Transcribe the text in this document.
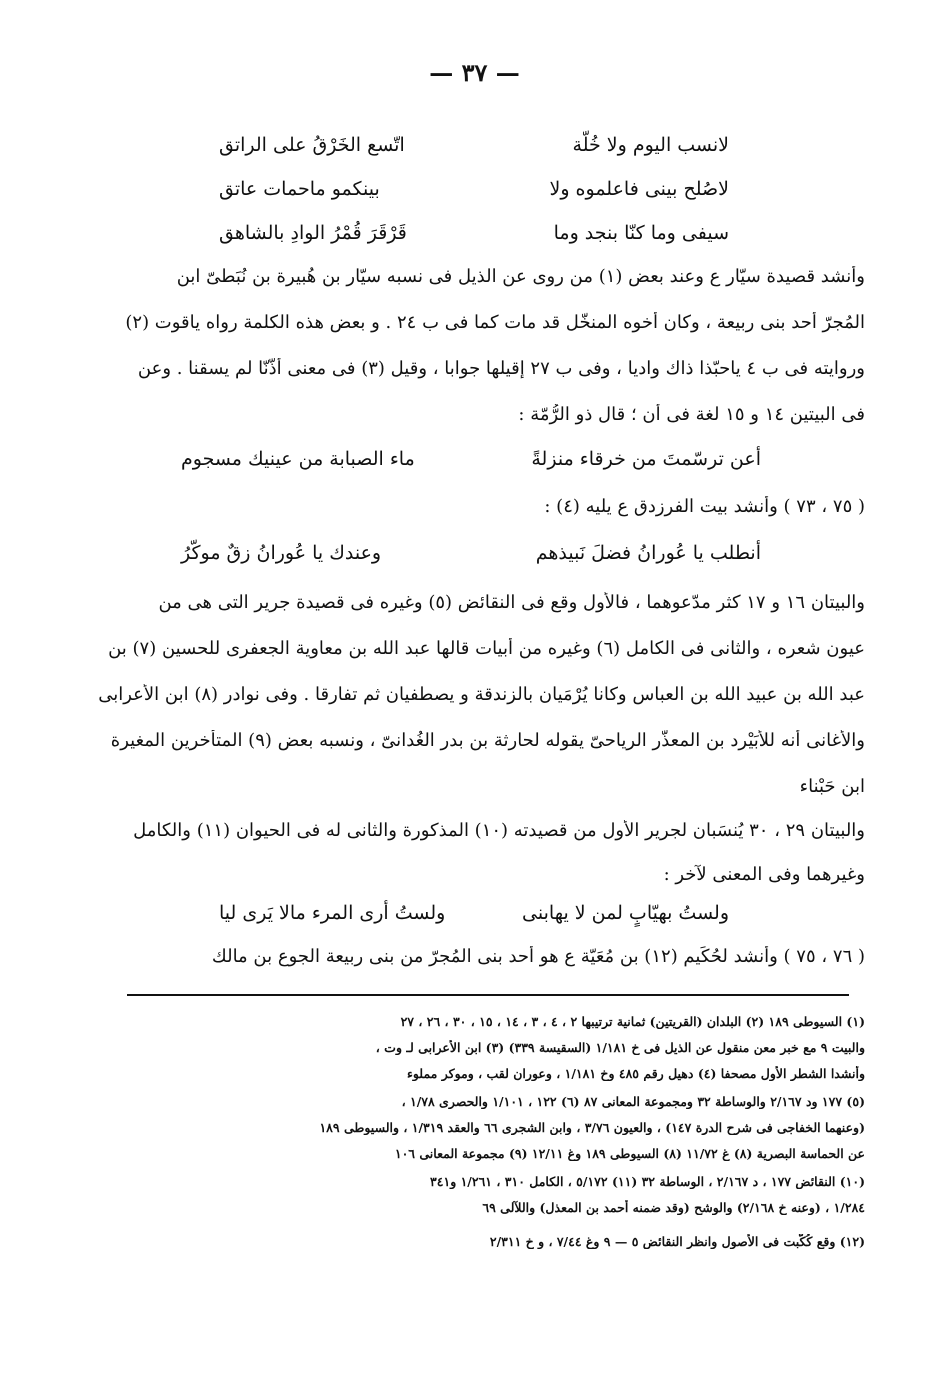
— ٣٧ —
لانسب اليوم ولا خُلّة
اتّسع الخَرْقُ على الراتق
لاصُلح بينى فاعلموه ولا
بينكمو ماحمات عاتق
سيفى وما كنّا بنجد وما
قَرْقَرَ قُمْرُ الوادِ بالشاهق
وأنشد قصيدة سيّار ع وعند بعض (١) من روى عن الذيل فى نسبه سيّار بن هُبيرة بن نُبَطىّ ابن
المُجرّ أحد بنى ربيعة ، وكان أخوه المنخّل قد مات كما فى ب ٢٤ . و بعض هذه الكلمة رواه ياقوت (٢)
وروايته فى ب ٤ ياحبّذا ذاك واديا ، وفى ب ٢٧ إقيلها جوابا ، وقيل (٣) فى معنى أُذّنّا لم يسقنا . وعن
فى البيتين ١٤ و ١٥ لغة فى أن ؛ قال ذو الرُّمّة :
أعن ترسّمتَ من خرقاء منزلةً
ماء الصبابة من عينيك مسجوم
( ٧٥ ، ٧٣ ) وأنشد بيت الفرزدق ع يليه (٤) :
أنطلب يا عُورانُ فضلَ نَبيذهم
وعندك يا عُورانُ زقٌ موكّرُ
والبيتان ١٦ و ١٧ كثر مدّعوهما ، فالأول وقع فى النقائض (٥) وغيره فى قصيدة جرير التى هى من
عيون شعره ، والثانى فى الكامل (٦) وغيره من أبيات قالها عبد الله بن معاوية الجعفرى للحسين (٧) بن
عبد الله بن عبيد الله بن العباس وكانا يُرْمَيان بالزندقة و يصطفيان ثم تفارقا . وفى نوادر (٨) ابن الأعرابى
والأغانى أنه للأُبَيْرِد بن المعذّر الرياحىّ يقوله لحارثة بن بدر الغُدانىّ ، ونسبه بعض (٩) المتأخرين المغيرة
ابن حَبْناء
والبيتان ٢٩ ، ٣٠ يُنسَبان لجرير الأول من قصيدته (١٠) المذكورة والثانى له فى الحيوان (١١) والكامل
وغيرهما وفى المعنى لآخر :
ولستُ بهيّابٍ لمن لا يهابنى
ولستُ أرى المرء مالا يَرى ليا
( ٧٦ ، ٧٥ ) وأنشد لحُكَيم (١٢) بن مُعَيّة ع هو أحد بنى المُجرّ من بنى ربيعة الجوع بن مالك
(١) السيوطى ١٨٩ (٢) البلدان (القريتين) ثمانية ترتيبها ٢ ، ٤ ، ٣ ، ١٤ ، ١٥ ، ٣٠ ، ٢٦ ، ٢٧
والبيت ٩ مع خبر معن منقول عن الذيل فى خ ١/١٨١ (السقيسة ٣٣٩) (٣) ابن الأعرابى لـ وت ،
وأنشدا الشطر الأول مصحفا (٤) دهيل رقم ٤٨٥ وخ ١/١٨١ ، وعوران لقب ، وموكر مملوء
(٥) ١٧٧ ود ٢/١٦٧ والوساطة ٣٢ ومجموعة المعانى ٨٧ (٦) ١٢٢ ، ١/١٠١ والحصرى ١/٧٨ ،
(وعنهما الخفاجى فى شرح الدرة ١٤٧) ، والعيون ٣/٧٦ ، وابن الشجرى ٦٦ والعقد ١/٣١٩ ، والسيوطى ١٨٩
عن الحماسة البصرية (٨) غ ١١/٧٢ (٨) السيوطى ١٨٩ وغ ١٢/١١ (٩) مجموعة المعانى ١٠٦
(١٠) النقائض ١٧٧ ، د ٢/١٦٧ ، الوساطة ٣٢ (١١) ٥/١٧٢ ، الكامل ٣١٠ ، ١/٢٦١ و٣٤١
١/٢٨٤ ، (وعنه خ ٢/١٦٨) والوشح (وقد ضمنه أحمد بن المعذل) واللآلى ٦٩
(١٢) وقع كُكّبت فى الأصول وانظر النقائض ٥ — ٩ وغ ٧/٤٤ ، و خ ٢/٣١١
